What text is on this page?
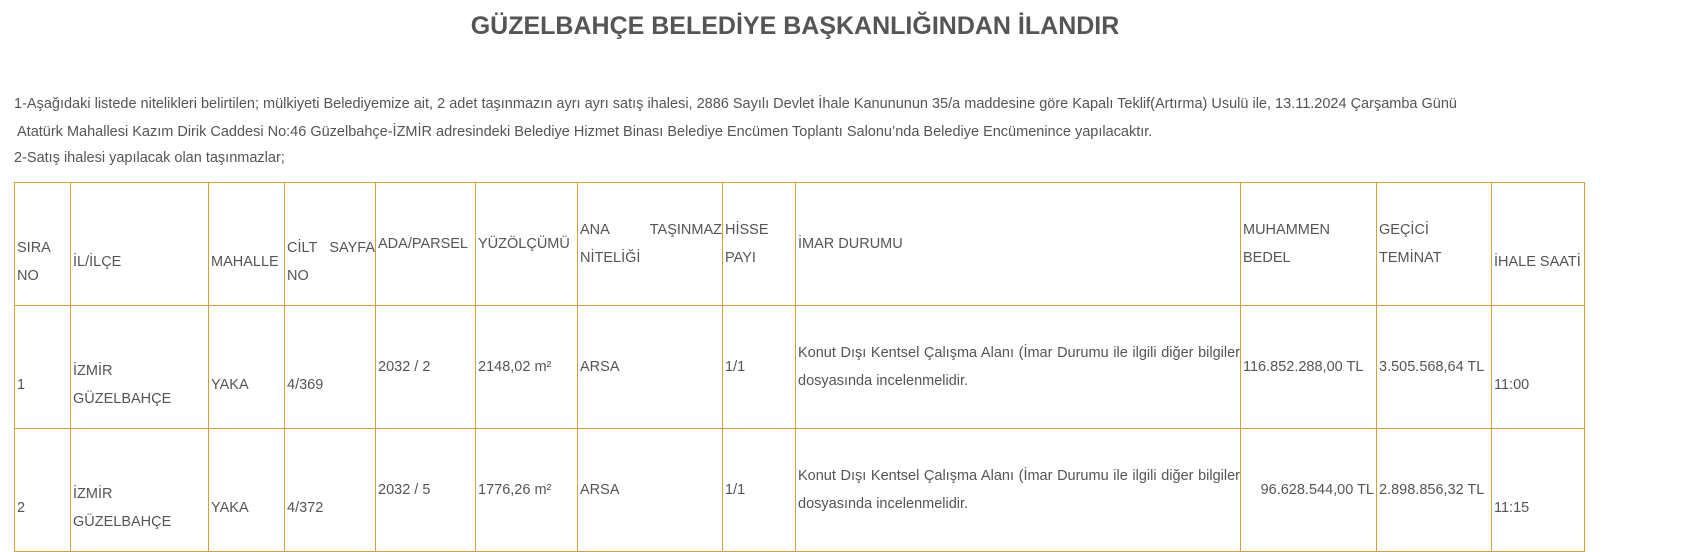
GÜZELBAHÇE BELEDİYE BAŞKANLIĞINDAN İLANDIR
1-Aşağıdaki listede nitelikleri belirtilen; mülkiyeti Belediyemize ait, 2 adet taşınmazın ayrı ayrı satış ihalesi, 2886 Sayılı Devlet İhale Kanununun 35/a maddesine göre Kapalı Teklif(Artırma) Usulü ile, 13.11.2024 Çarşamba Günü
Atatürk Mahallesi Kazım Dirik Caddesi No:46 Güzelbahçe-İZMİR adresindeki Belediye Hizmet Binası Belediye Encümen Toplantı Salonu’nda Belediye Encümenince yapılacaktır.
2-Satış ihalesi yapılacak olan taşınmazlar;
SIRA NO	İL/İLÇE	MAHALLE	CİLT SAYFA NO	ADA/PARSEL	YÜZÖLÇÜMÜ	ANA TAŞINMAZ NİTELİĞİ	HİSSE PAYI	İMAR DURUMU	MUHAMMEN BEDEL	GEÇİCİ TEMİNAT	İHALE SAATİ
1	İZMİR GÜZELBAHÇE	YAKA	4/369	2032 / 2	2148,02 m²	ARSA	1/1	Konut Dışı Kentsel Çalışma Alanı (İmar Durumu ile ilgili diğer bilgiler dosyasında incelenmelidir.	116.852.288,00 TL	3.505.568,64 TL	11:00
2	İZMİR GÜZELBAHÇE	YAKA	4/372	2032 / 5	1776,26 m²	ARSA	1/1	Konut Dışı Kentsel Çalışma Alanı (İmar Durumu ile ilgili diğer bilgiler dosyasında incelenmelidir.	96.628.544,00 TL	2.898.856,32 TL	11:15
